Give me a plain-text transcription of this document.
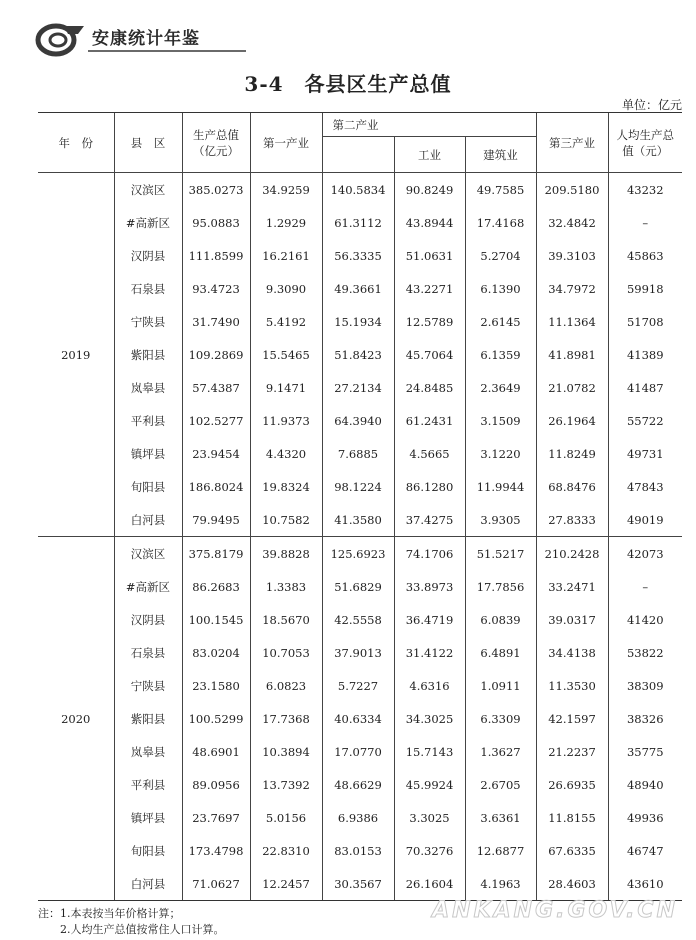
安康统计年鉴
3-4　各县区生产总值
单位：亿元
年　份	县　区	生产总值（亿元）	第一产业	第二产业			第三产业	人均生产总值（元）
					工业	建筑业		
2019	汉滨区	385.0273	34.9259	140.5834	90.8249	49.7585	209.5180	43232
	#高新区	95.0883	1.2929	61.3112	43.8944	17.4168	32.4842	–
	汉阴县	111.8599	16.2161	56.3335	51.0631	5.2704	39.3103	45863
	石泉县	93.4723	9.3090	49.3661	43.2271	6.1390	34.7972	59918
	宁陕县	31.7490	5.4192	15.1934	12.5789	2.6145	11.1364	51708
	紫阳县	109.2869	15.5465	51.8423	45.7064	6.1359	41.8981	41389
	岚皋县	57.4387	9.1471	27.2134	24.8485	2.3649	21.0782	41487
	平利县	102.5277	11.9373	64.3940	61.2431	3.1509	26.1964	55722
	镇坪县	23.9454	4.4320	7.6885	4.5665	3.1220	11.8249	49731
	旬阳县	186.8024	19.8324	98.1224	86.1280	11.9944	68.8476	47843
	白河县	79.9495	10.7582	41.3580	37.4275	3.9305	27.8333	49019
2020	汉滨区	375.8179	39.8828	125.6923	74.1706	51.5217	210.2428	42073
	#高新区	86.2683	1.3383	51.6829	33.8973	17.7856	33.2471	–
	汉阴县	100.1545	18.5670	42.5558	36.4719	6.0839	39.0317	41420
	石泉县	83.0204	10.7053	37.9013	31.4122	6.4891	34.4138	53822
	宁陕县	23.1580	6.0823	5.7227	4.6316	1.0911	11.3530	38309
	紫阳县	100.5299	17.7368	40.6334	34.3025	6.3309	42.1597	38326
	岚皋县	48.6901	10.3894	17.0770	15.7143	1.3627	21.2237	35775
	平利县	89.0956	13.7392	48.6629	45.9924	2.6705	26.6935	48940
	镇坪县	23.7697	5.0156	6.9386	3.3025	3.6361	11.8155	49936
	旬阳县	173.4798	22.8310	83.0153	70.3276	12.6877	67.6335	46747
	白河县	71.0627	12.2457	30.3567	26.1604	4.1963	28.4603	43610
注：1.本表按当年价格计算；
2.人均生产总值按常住人口计算。
ANKANG.GOV.CN
